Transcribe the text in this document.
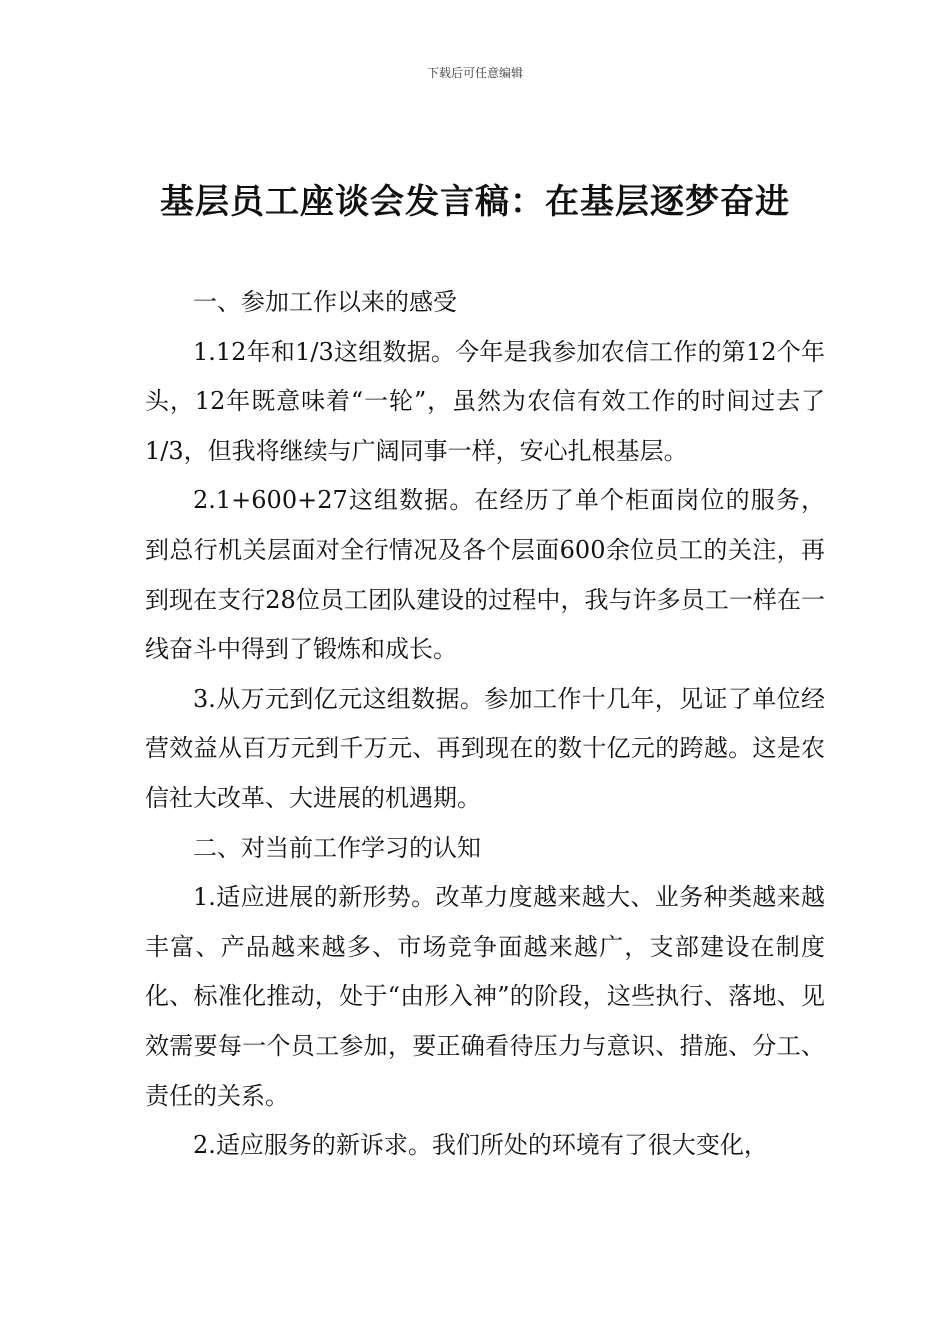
下载后可任意编辑
基层员工座谈会发言稿：在基层逐梦奋进

一、参加工作以来的感受

1.12年和1/3这组数据。今年是我参加农信工作的第12个年头，12年既意味着“一轮”，虽然为农信有效工作的时间过去了1/3，但我将继续与广阔同事一样，安心扎根基层。

2.1+600+27这组数据。在经历了单个柜面岗位的服务，到总行机关层面对全行情况及各个层面600余位员工的关注，再到现在支行28位员工团队建设的过程中，我与许多员工一样在一线奋斗中得到了锻炼和成长。

3.从万元到亿元这组数据。参加工作十几年，见证了单位经营效益从百万元到千万元、再到现在的数十亿元的跨越。这是农信社大改革、大进展的机遇期。

二、对当前工作学习的认知

1.适应进展的新形势。改革力度越来越大、业务种类越来越丰富、产品越来越多、市场竞争面越来越广，支部建设在制度化、标准化推动，处于“由形入神”的阶段，这些执行、落地、见效需要每一个员工参加，要正确看待压力与意识、措施、分工、责任的关系。

2.适应服务的新诉求。我们所处的环境有了很大变化，
